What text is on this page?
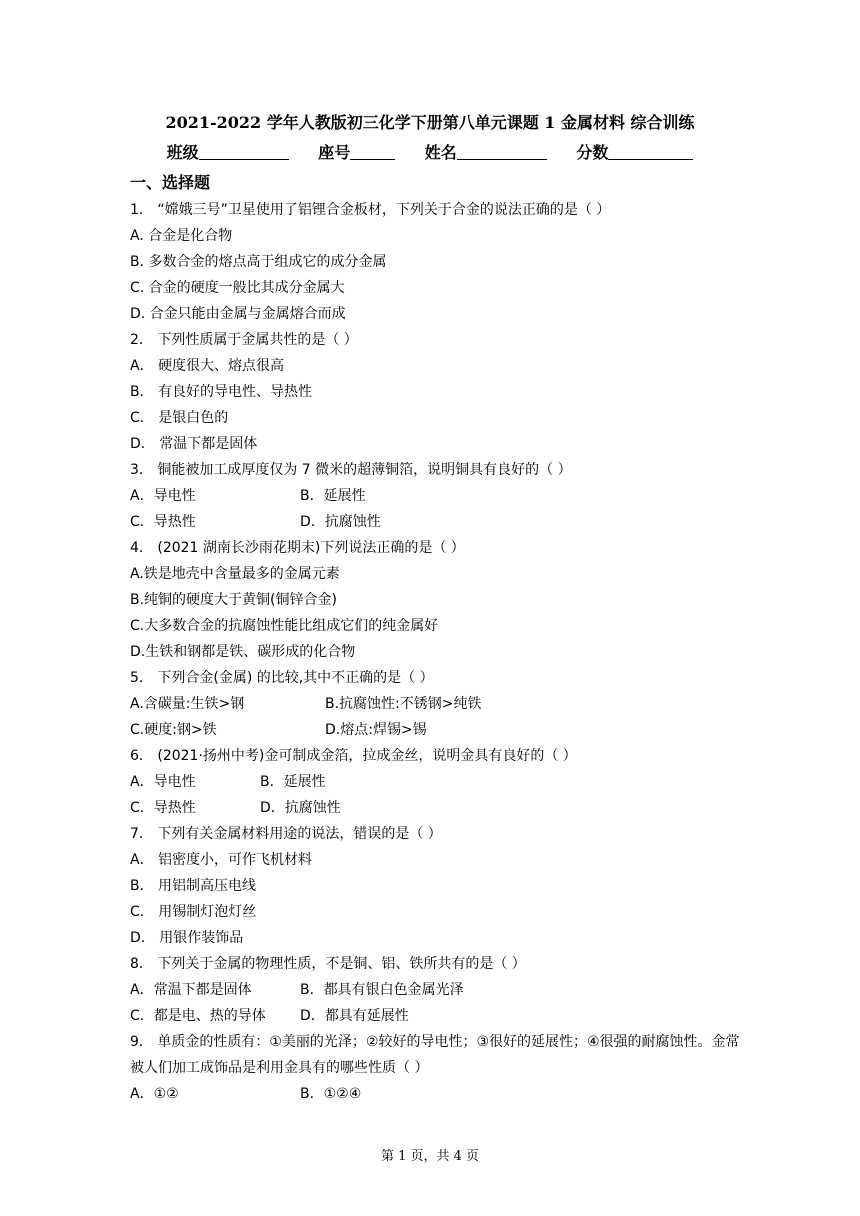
2021-2022 学年人教版初三化学下册第八单元课题 1 金属材料 综合训练
班级	座号	姓名	分数
一、选择题
1． “嫦娥三号”卫星使用了铝锂合金板材，下列关于合金的说法正确的是（ ）
A. 合金是化合物
B. 多数合金的熔点高于组成它的成分金属
C. 合金的硬度一般比其成分金属大
D. 合金只能由金属与金属熔合而成
2． 下列性质属于金属共性的是（ ）
A． 硬度很大、熔点很高
B． 有良好的导电性、导热性
C． 是银白色的
D． 常温下都是固体
3． 铜能被加工成厚度仅为 7 微米的超薄铜箔，说明铜具有良好的（ ）
A．导电性	B．延展性
C．导热性	D．抗腐蚀性
4． (2021 湖南长沙雨花期末)下列说法正确的是（ ）
A.铁是地壳中含量最多的金属元素
B.纯铜的硬度大于黄铜(铜锌合金)
C.大多数合金的抗腐蚀性能比组成它们的纯金属好
D.生铁和钢都是铁、碳形成的化合物
5． 下列合金(金属) 的比较,其中不正确的是（ ）
A.含碳量:生铁>钢	B.抗腐蚀性:不锈钢>纯铁
C.硬度:钢>铁	D.熔点:焊锡>锡
6． (2021·扬州中考)金可制成金箔，拉成金丝，说明金具有良好的（ ）
A．导电性	B．延展性
C．导热性	D．抗腐蚀性
7． 下列有关金属材料用途的说法，错误的是（ ）
A． 铝密度小，可作飞机材料
B． 用铝制高压电线
C． 用锡制灯泡灯丝
D． 用银作装饰品
8． 下列关于金属的物理性质，不是铜、铝、铁所共有的是（ ）
A．常温下都是固体	B．都具有银白色金属光泽
C．都是电、热的导体 D．都具有延展性
9． 单质金的性质有：①美丽的光泽；②较好的导电性；③很好的延展性；④很强的耐腐蚀性。金常被人们加工成饰品是利用金具有的哪些性质（ ）
A．①②	B．①②④
第 1 页，共 4 页
